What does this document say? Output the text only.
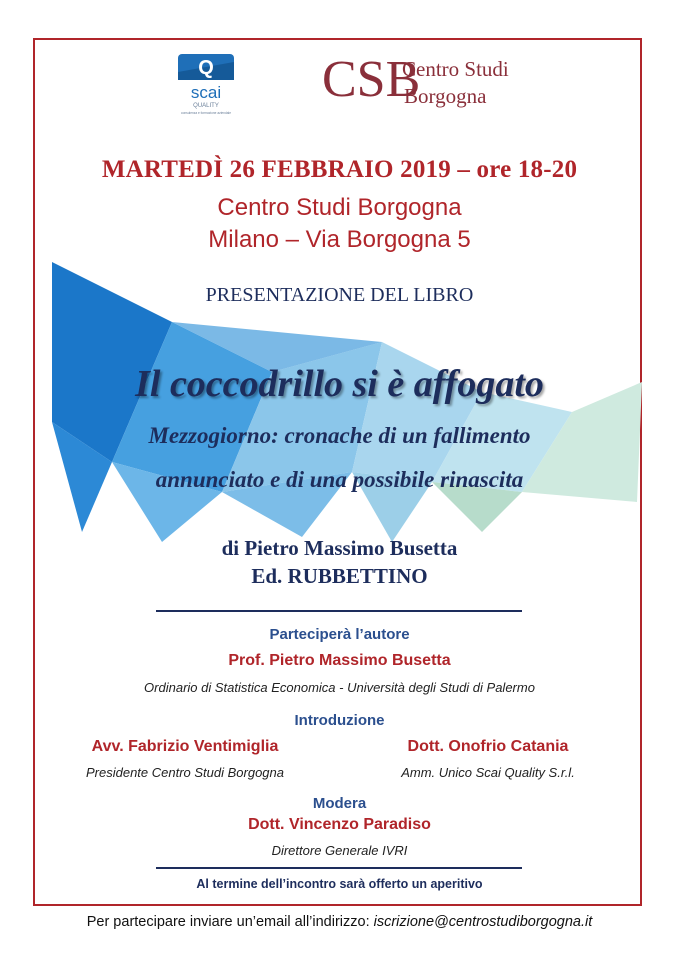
Q
scai
QUALITY
consulenza e formazione aziendale
CSB
Centro Studi
Borgogna
MARTEDÌ 26 FEBBRAIO 2019 – ore 18-20
Centro Studi Borgogna
Milano – Via Borgogna 5
PRESENTAZIONE DEL LIBRO
Il coccodrillo si è affogato
Mezzogiorno: cronache di un fallimento
annunciato e di una possibile rinascita
di Pietro Massimo Busetta
Ed. RUBBETTINO
Parteciperà l’autore
Prof. Pietro Massimo Busetta
Ordinario di Statistica Economica - Università degli Studi di Palermo
Introduzione
Avv. Fabrizio Ventimiglia
Presidente Centro Studi Borgogna
Dott. Onofrio Catania
Amm. Unico Scai Quality S.r.l.
Modera
Dott. Vincenzo Paradiso
Direttore Generale IVRI
Al termine dell’incontro sarà offerto un aperitivo
Per partecipare inviare un’email all’indirizzo: iscrizione@centrostudiborgogna.it
